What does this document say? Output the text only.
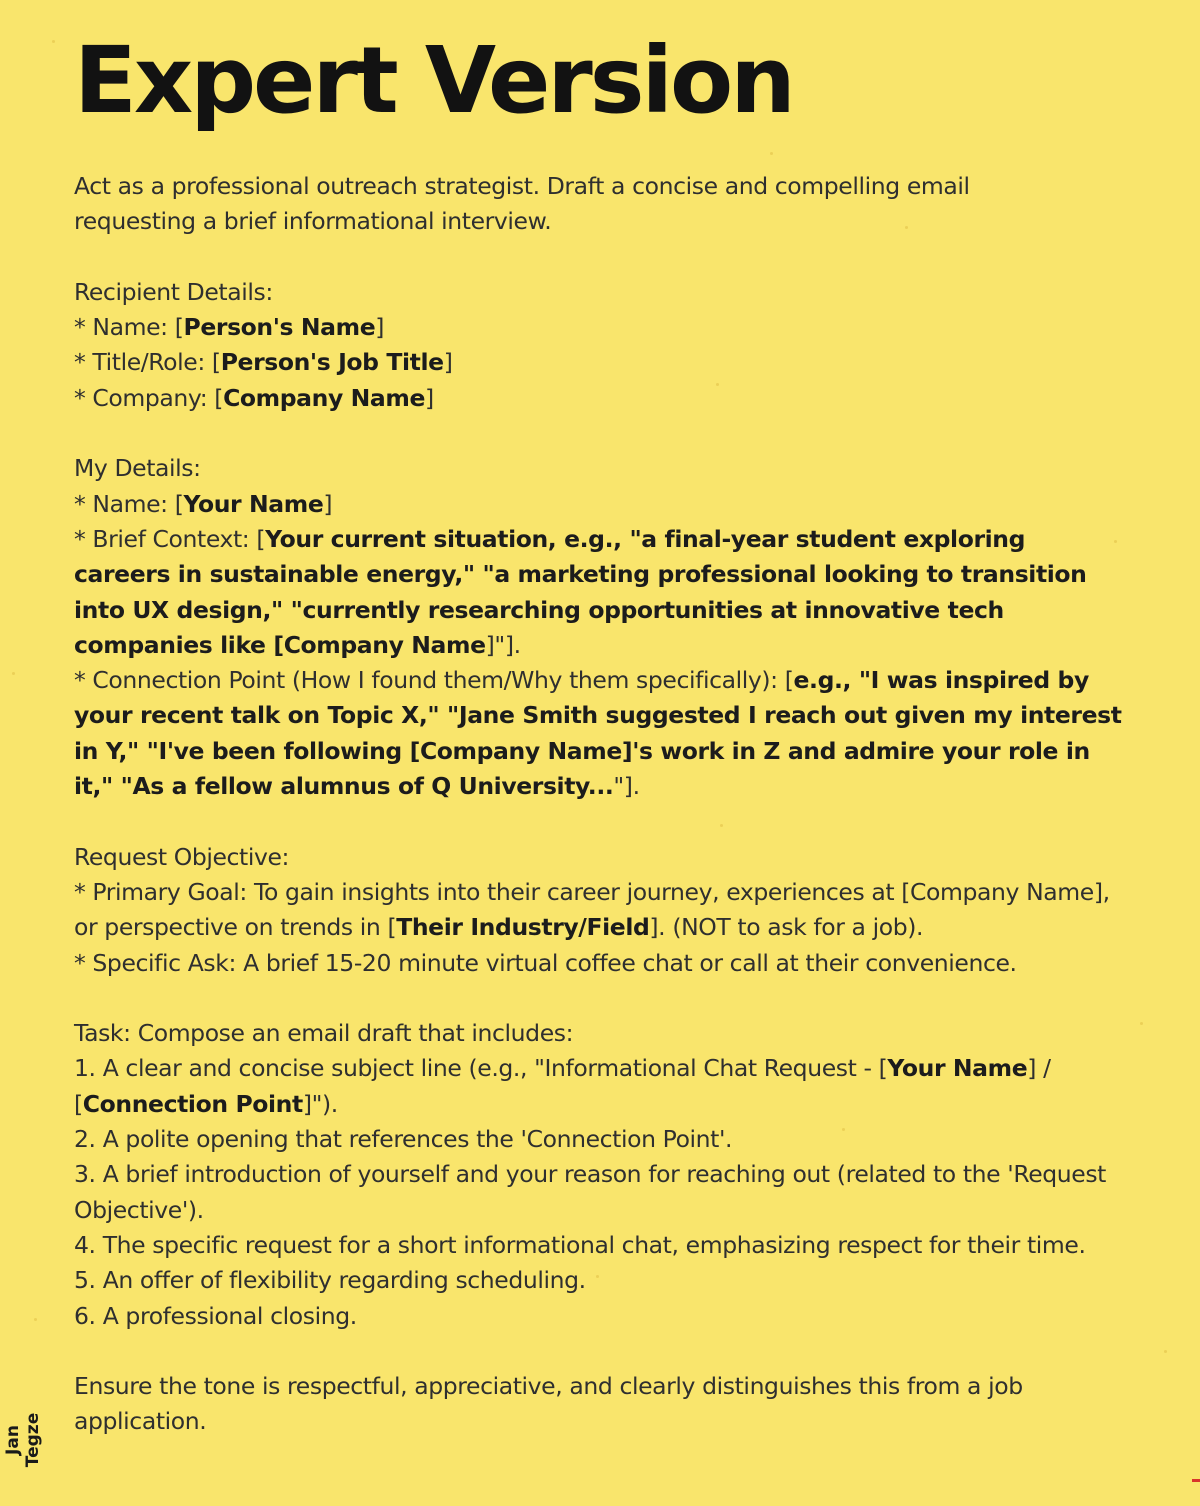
Expert Version

Act as a professional outreach strategist. Draft a concise and compelling email

requesting a brief informational interview.

Recipient Details:

* Name: [Person's Name]

* Title/Role: [Person's Job Title]

* Company: [Company Name]

My Details:

* Name: [Your Name]

* Brief Context: [Your current situation, e.g., "a final-year student exploring careers in sustainable energy," "a marketing professional looking to transition into UX design," "currently researching opportunities at innovative tech companies like [Company Name]"].

* Connection Point (How I found them/Why them specifically): [e.g., "I was inspired by your recent talk on Topic X," "Jane Smith suggested I reach out given my interest in Y," "I've been following [Company Name]'s work in Z and admire your role in it," "As a fellow alumnus of Q University..."].

Request Objective:

* Primary Goal: To gain insights into their career journey, experiences at [Company Name], or perspective on trends in [Their Industry/Field]. (NOT to ask for a job).

* Specific Ask: A brief 15-20 minute virtual coffee chat or call at their convenience.

Task: Compose an email draft that includes:

1. A clear and concise subject line (e.g., "Informational Chat Request - [Your Name] / [Connection Point]").

2. A polite opening that references the 'Connection Point'.

3. A brief introduction of yourself and your reason for reaching out (related to the 'Request Objective').

4. The specific request for a short informational chat, emphasizing respect for their time.

5. An offer of flexibility regarding scheduling.

6. A professional closing.

Ensure the tone is respectful, appreciative, and clearly distinguishes this from a job application.

Jan Tegze
